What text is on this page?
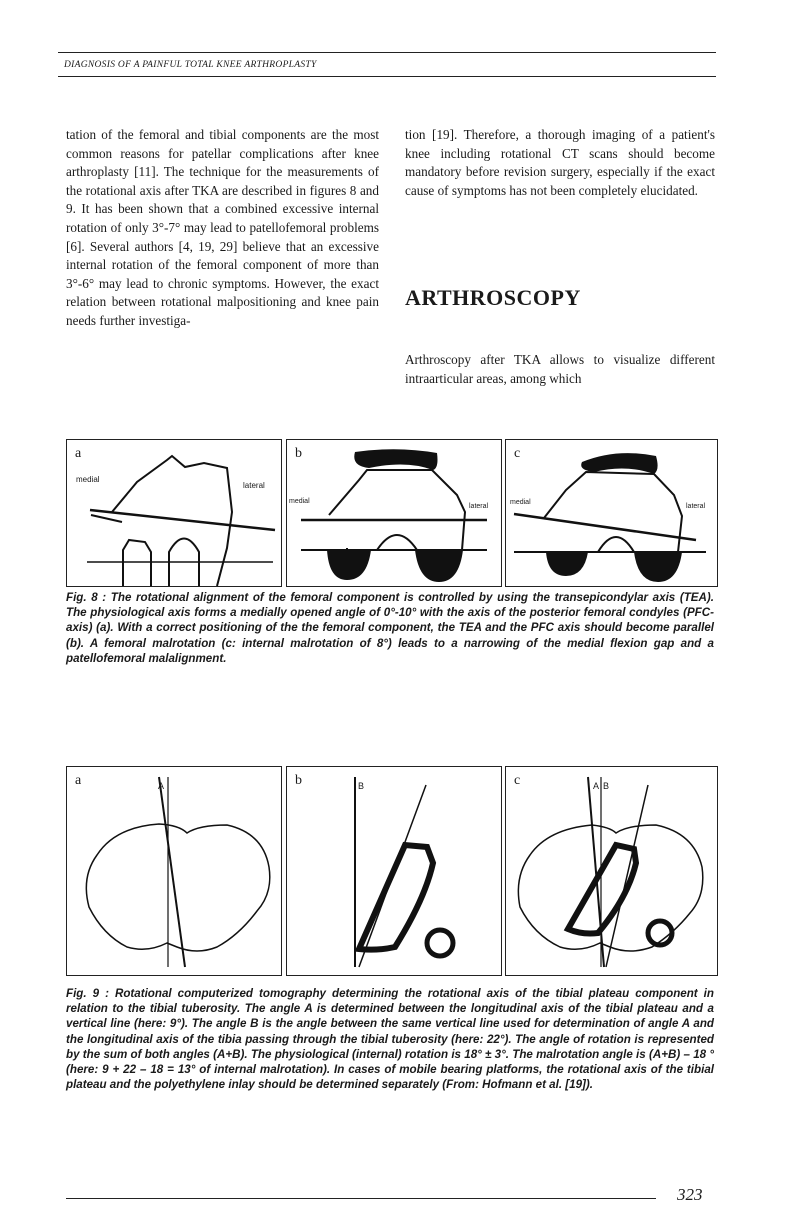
DIAGNOSIS OF A PAINFUL TOTAL KNEE ARTHROPLASTY

tation of the femoral and tibial components are the most common reasons for patellar complications after knee arthroplasty [11]. The technique for the measurements of the rotational axis after TKA are described in figures 8 and 9. It has been shown that a combined excessive internal rotation of only 3°-7° may lead to patellofemoral problems [6]. Several authors [4, 19, 29] believe that an excessive internal rotation of the femoral component of more than 3°-6° may lead to chronic symptoms. However, the exact relation between rotational malpositioning and knee pain needs further investiga-

tion [19]. Therefore, a thorough imaging of a patient's knee including rotational CT scans should become mandatory before revision surgery, especially if the exact cause of symptoms has not been completely elucidated.

ARTHROSCOPY

Arthroscopy after TKA allows to visualize different intraarticular areas, among which

a
medial
lateral
b
medial
lateral
c
medial
lateral
Fig. 8 : The rotational alignment of the femoral component is controlled by using the transepicondylar axis (TEA). The physiological axis forms a medially opened angle of 0°-10° with the axis of the posterior femoral condyles (PFC-axis) (a). With a correct positioning of the the femoral component, the TEA and the PFC axis should become parallel (b). A femoral malrotation (c: internal malrotation of 8°) leads to a narrowing of the medial flexion gap and a patellofemoral malalignment.
a	A	b	B	c	A B
Fig. 9 : Rotational computerized tomography determining the rotational axis of the tibial plateau component in relation to the tibial tuberosity. The angle A is determined between the longitudinal axis of the tibial plateau and a vertical line (here: 9°). The angle B is the angle between the same vertical line used for determination of angle A and the longitudinal axis of the tibia passing through the tibial tuberosity (here: 22°). The angle of rotation is represented by the sum of both angles (A+B). The physiological (internal) rotation is 18° ± 3°. The malrotation angle is (A+B) – 18 ° (here: 9 + 22 – 18 = 13° of internal malrotation). In cases of mobile bearing platforms, the rotational axis of the tibial plateau and the polyethylene inlay should be determined separately (From: Hofmann et al. [19]).
323
